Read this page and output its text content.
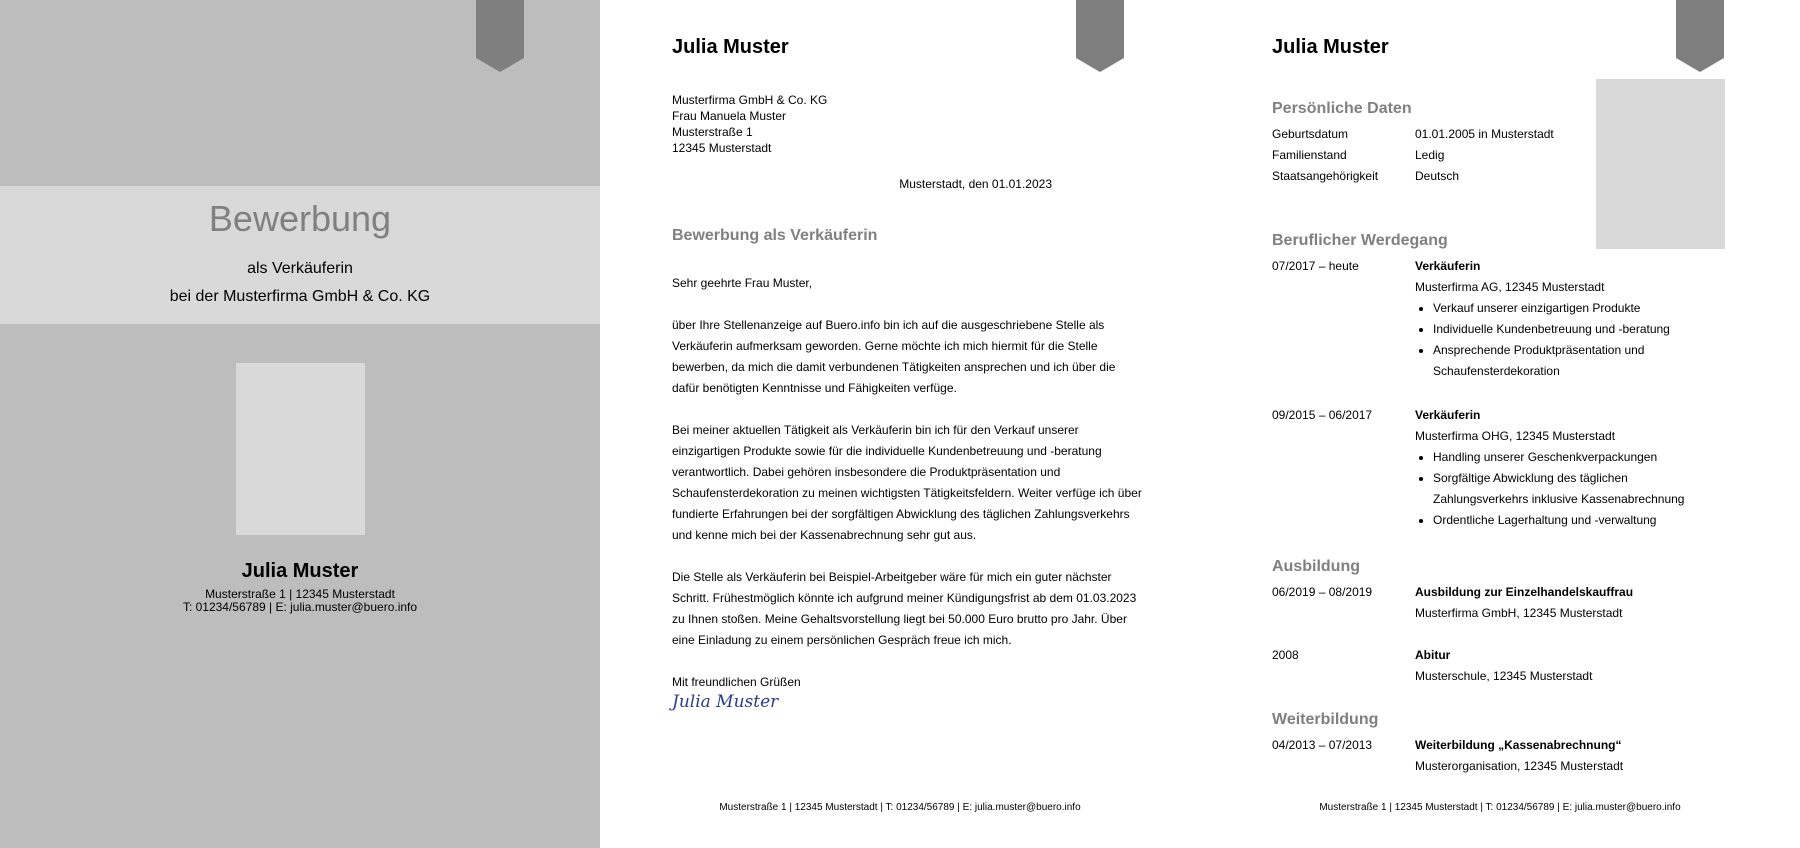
Bewerbung
als Verkäuferin
bei der Musterfirma GmbH & Co. KG
Julia Muster
Musterstraße 1 | 12345 Musterstadt
T: 01234/56789 | E: julia.muster@buero.info
Julia Muster
Musterfirma GmbH & Co. KG
Frau Manuela Muster
Musterstraße 1
12345 Musterstadt
Musterstadt, den 01.01.2023
Bewerbung als Verkäuferin

Sehr geehrte Frau Muster,

über Ihre Stellenanzeige auf Buero.info bin ich auf die ausgeschriebene Stelle als Verkäuferin aufmerksam geworden. Gerne möchte ich mich hiermit für die Stelle bewerben, da mich die damit verbundenen Tätigkeiten ansprechen und ich über die dafür benötigten Kenntnisse und Fähigkeiten verfüge.

Bei meiner aktuellen Tätigkeit als Verkäuferin bin ich für den Verkauf unserer einzigartigen Produkte sowie für die individuelle Kundenbetreuung und -beratung verantwortlich. Dabei gehören insbesondere die Produktpräsentation und Schaufensterdekoration zu meinen wichtigsten Tätigkeitsfeldern. Weiter verfüge ich über fundierte Erfahrungen bei der sorgfältigen Abwicklung des täglichen Zahlungsverkehrs und kenne mich bei der Kassenabrechnung sehr gut aus.

Die Stelle als Verkäuferin bei Beispiel-Arbeitgeber wäre für mich ein guter nächster Schritt. Frühestmöglich könnte ich aufgrund meiner Kündigungsfrist ab dem 01.03.2023 zu Ihnen stoßen. Meine Gehaltsvorstellung liegt bei 50.000 Euro brutto pro Jahr. Über eine Einladung zu einem persönlichen Gespräch freue ich mich.

Mit freundlichen Grüßen

Julia Muster
Musterstraße 1 | 12345 Musterstadt | T: 01234/56789 | E: julia.muster@buero.info
Julia Muster
Persönliche Daten
Geburtsdatum	01.01.2005 in Musterstadt
Familienstand	Ledig
Staatsangehörigkeit	Deutsch
Beruflicher Werdegang
07/2017 – heute	Verkäuferin
Musterfirma AG, 12345 Musterstadt
• Verkauf unserer einzigartigen Produkte
• Individuelle Kundenbetreuung und -beratung
• Ansprechende Produktpräsentation und Schaufensterdekoration
09/2015 – 06/2017	Verkäuferin
Musterfirma OHG, 12345 Musterstadt
• Handling unserer Geschenkverpackungen
• Sorgfältige Abwicklung des täglichen Zahlungsverkehrs inklusive Kassenabrechnung
• Ordentliche Lagerhaltung und -verwaltung
Ausbildung
06/2019 – 08/2019	Ausbildung zur Einzelhandelskauffrau
Musterfirma GmbH, 12345 Musterstadt
2008	Abitur
Musterschule, 12345 Musterstadt
Weiterbildung
04/2013 – 07/2013	Weiterbildung „Kassenabrechnung“
Musterorganisation, 12345 Musterstadt
Musterstraße 1 | 12345 Musterstadt | T: 01234/56789 | E: julia.muster@buero.info
